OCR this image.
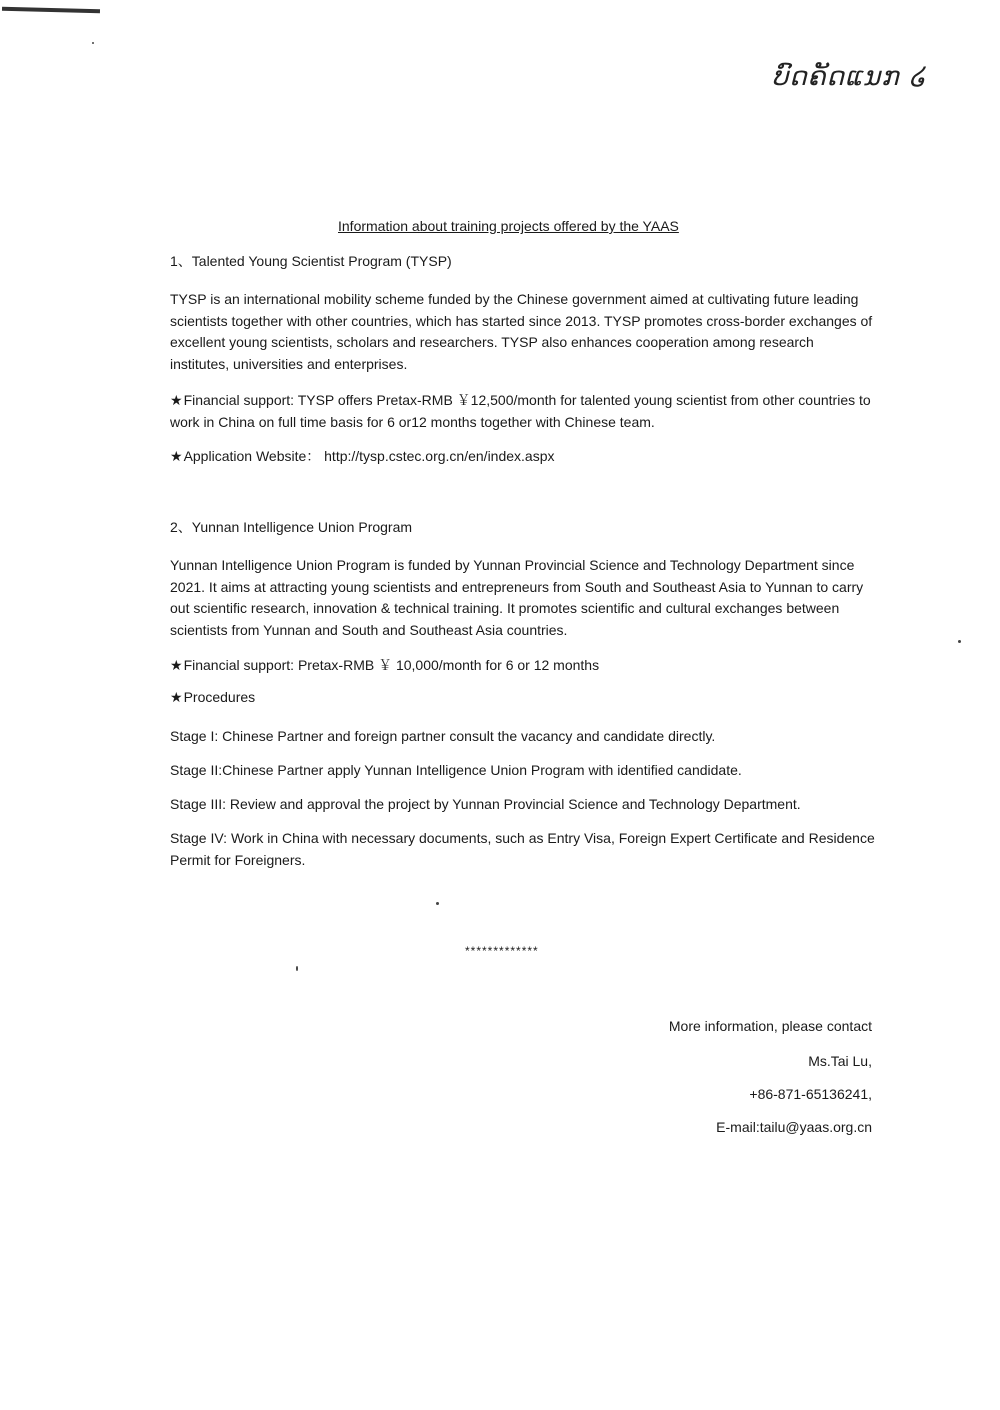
ບົດຄັດແນກ ໒
Information about training projects offered by the YAAS
1、Talented Young Scientist Program (TYSP)

TYSP is an international mobility scheme funded by the Chinese government aimed at cultivating future leading scientists together with other countries, which has started since 2013. TYSP promotes cross-border exchanges of excellent young scientists, scholars and researchers. TYSP also enhances cooperation among research institutes, universities and enterprises.

★Financial support: TYSP offers Pretax-RMB ￥12,500/month for talented young scientist from other countries to work in China on full time basis for 6 or12 months together with Chinese team.

★Application Website： http://tysp.cstec.org.cn/en/index.aspx
2、Yunnan Intelligence Union Program

Yunnan Intelligence Union Program is funded by Yunnan Provincial Science and Technology Department since 2021. It aims at attracting young scientists and entrepreneurs from South and Southeast Asia to Yunnan to carry out scientific research, innovation & technical training. It promotes scientific and cultural exchanges between scientists from Yunnan and South and Southeast Asia countries.

★Financial support: Pretax-RMB ￥ 10,000/month for 6 or 12 months
★Procedures
Stage I: Chinese Partner and foreign partner consult the vacancy and candidate directly.
Stage II:Chinese Partner apply Yunnan Intelligence Union Program with identified candidate.
Stage III: Review and approval the project by Yunnan Provincial Science and Technology Department.

Stage IV: Work in China with necessary documents, such as Entry Visa, Foreign Expert Certificate and Residence Permit for Foreigners.

*************
More information, please contact
Ms.Tai Lu,
+86-871-65136241,
E-mail:tailu@yaas.org.cn
